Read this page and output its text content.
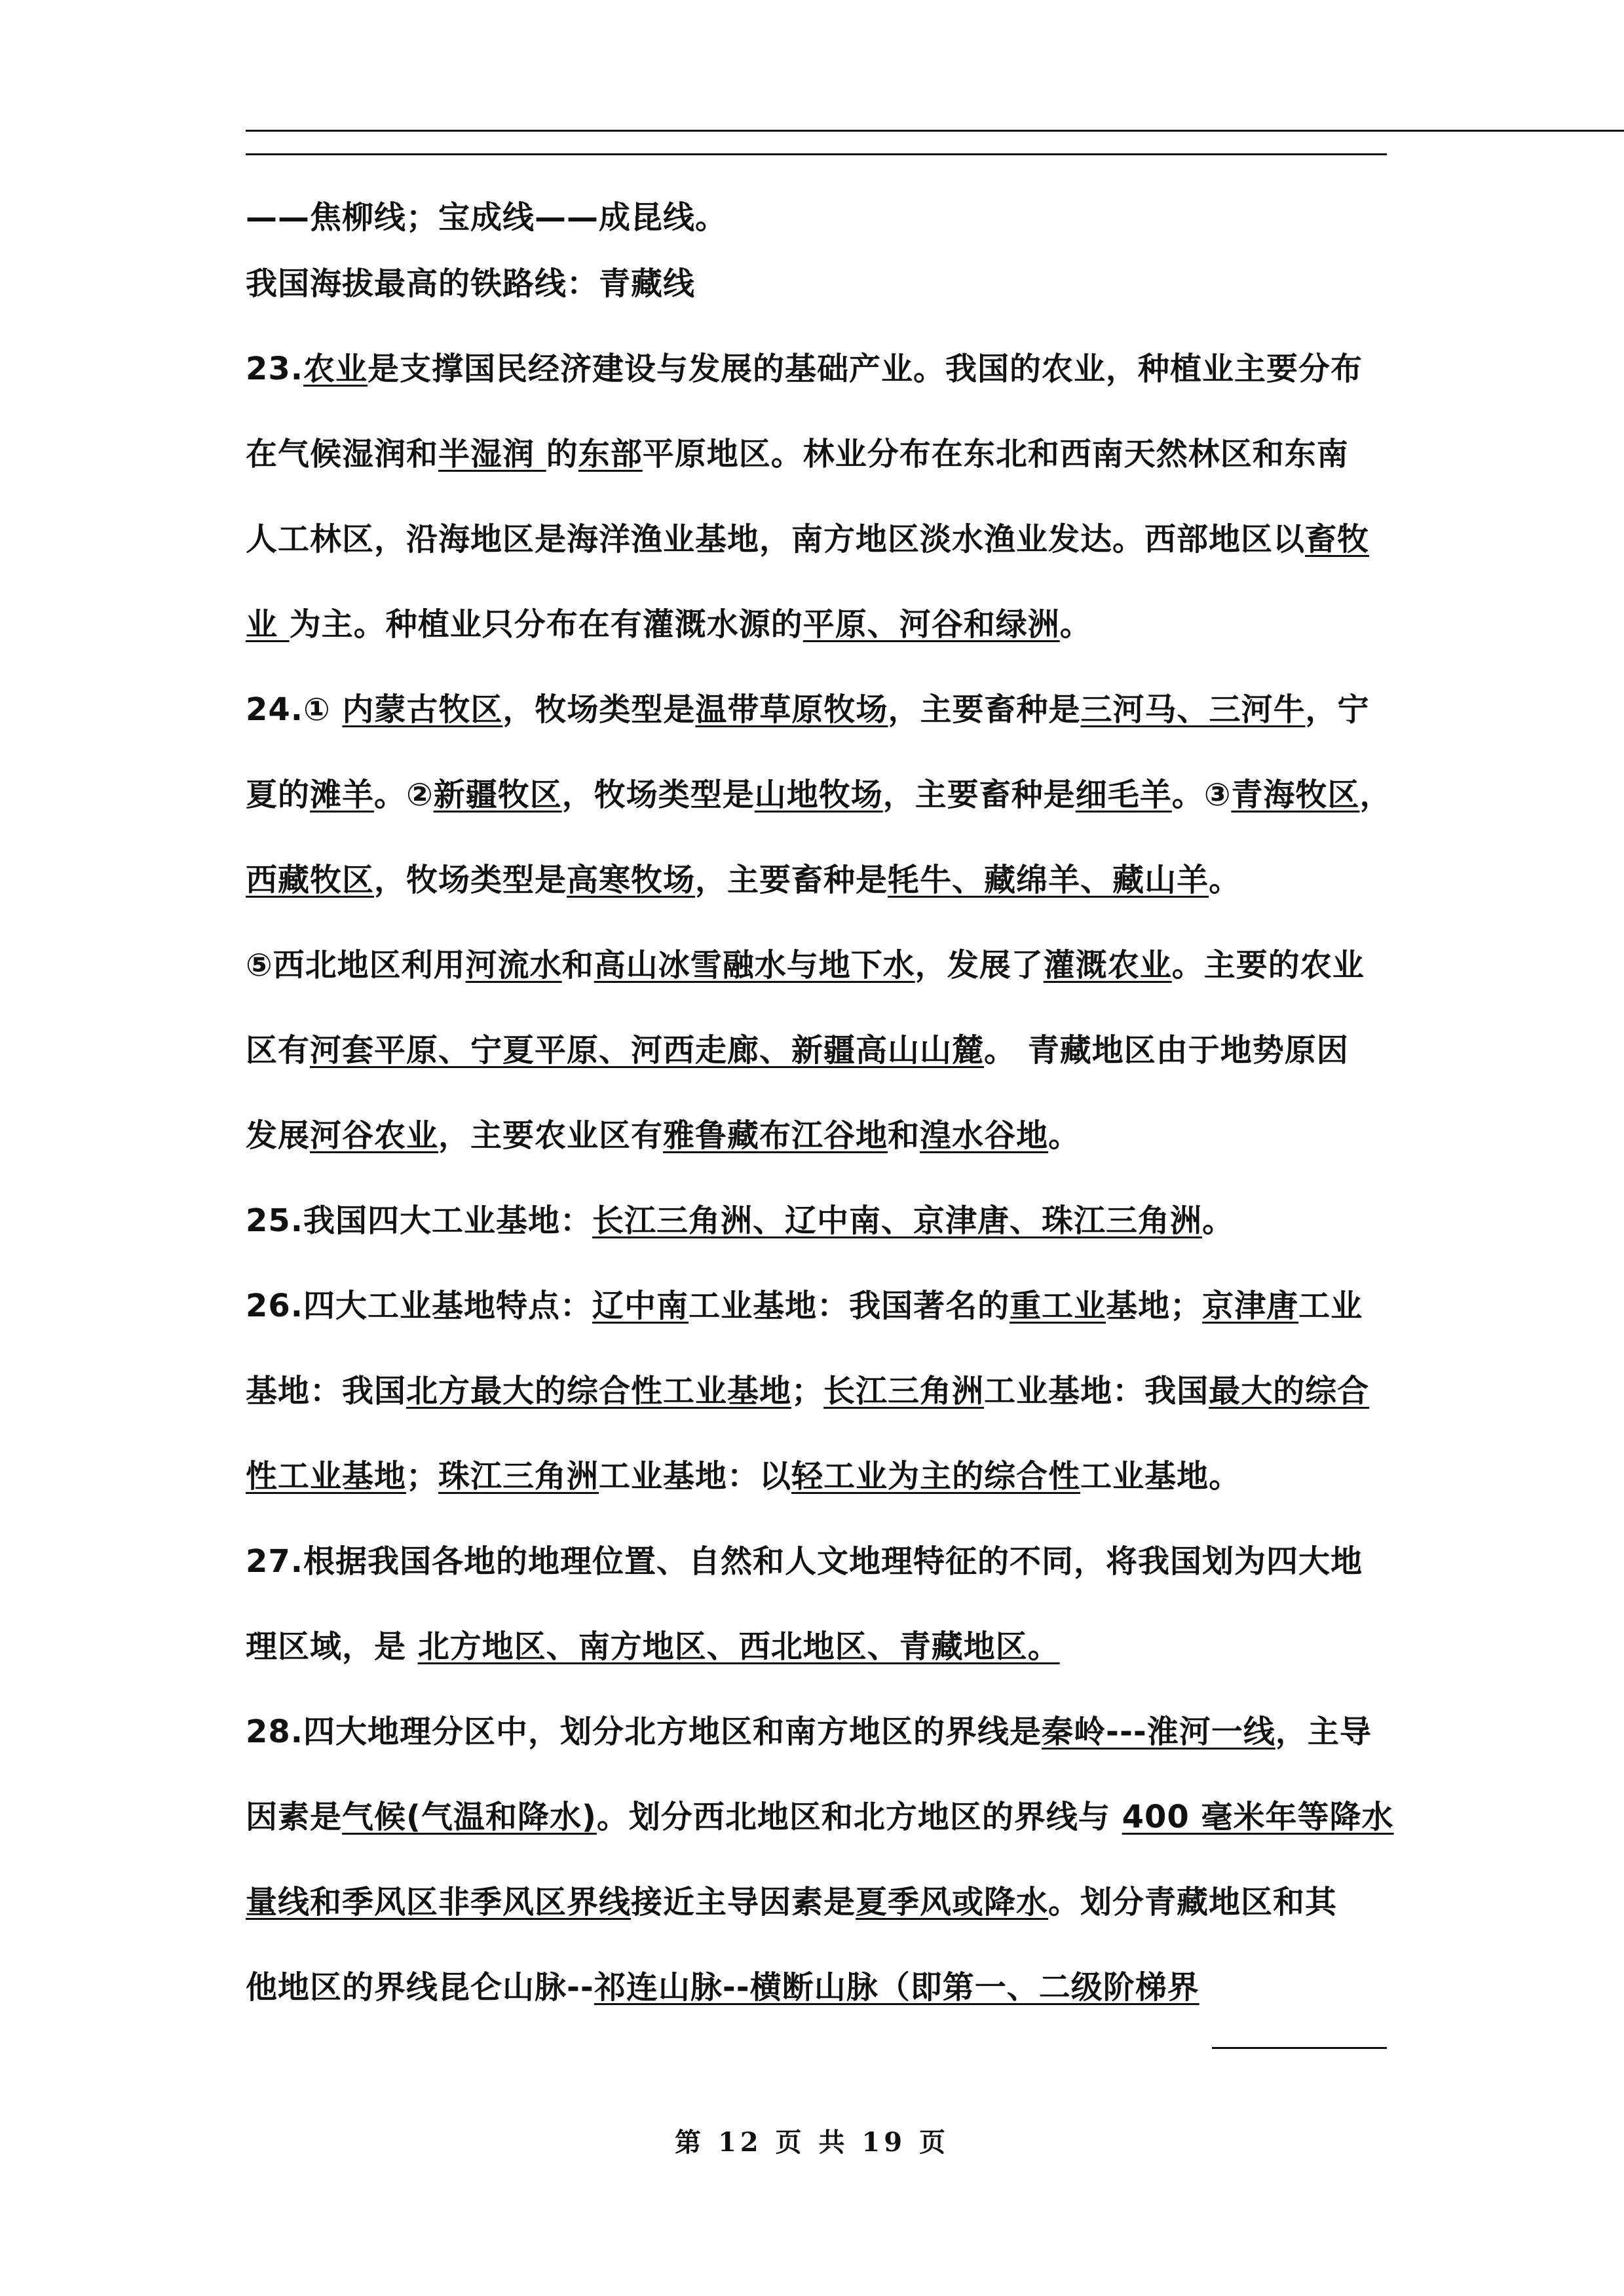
——焦柳线；宝成线——成昆线。
我国海拔最高的铁路线：青藏线
23.农业是支撑国民经济建设与发展的基础产业。我国的农业，种植业主要分布
在气候湿润和半湿润 的东部平原地区。林业分布在东北和西南天然林区和东南
人工林区，沿海地区是海洋渔业基地，南方地区淡水渔业发达。西部地区以畜牧
业 为主。种植业只分布在有灌溉水源的平原、河谷和绿洲。
24.① 内蒙古牧区，牧场类型是温带草原牧场，主要畜种是三河马、三河牛，宁
夏的滩羊。②新疆牧区，牧场类型是山地牧场，主要畜种是细毛羊。③青海牧区，
西藏牧区，牧场类型是高寒牧场，主要畜种是牦牛、藏绵羊、藏山羊。
⑤西北地区利用河流水和高山冰雪融水与地下水，发展了灌溉农业。主要的农业
区有河套平原、宁夏平原、河西走廊、新疆高山山麓。 青藏地区由于地势原因
发展河谷农业，主要农业区有雅鲁藏布江谷地和湟水谷地。
25.我国四大工业基地：长江三角洲、辽中南、京津唐、珠江三角洲。
26.四大工业基地特点：辽中南工业基地：我国著名的重工业基地；京津唐工业
基地：我国北方最大的综合性工业基地；长江三角洲工业基地：我国最大的综合
性工业基地；珠江三角洲工业基地：以轻工业为主的综合性工业基地。
27.根据我国各地的地理位置、自然和人文地理特征的不同，将我国划为四大地
理区域，是 北方地区、南方地区、西北地区、青藏地区。
28.四大地理分区中，划分北方地区和南方地区的界线是秦岭---淮河一线，主导
因素是气候(气温和降水)。划分西北地区和北方地区的界线与 400 毫米年等降水
量线和季风区非季风区界线接近主导因素是夏季风或降水。划分青藏地区和其
他地区的界线昆仑山脉--祁连山脉--横断山脉（即第一、二级阶梯界
第 12 页 共 19 页
